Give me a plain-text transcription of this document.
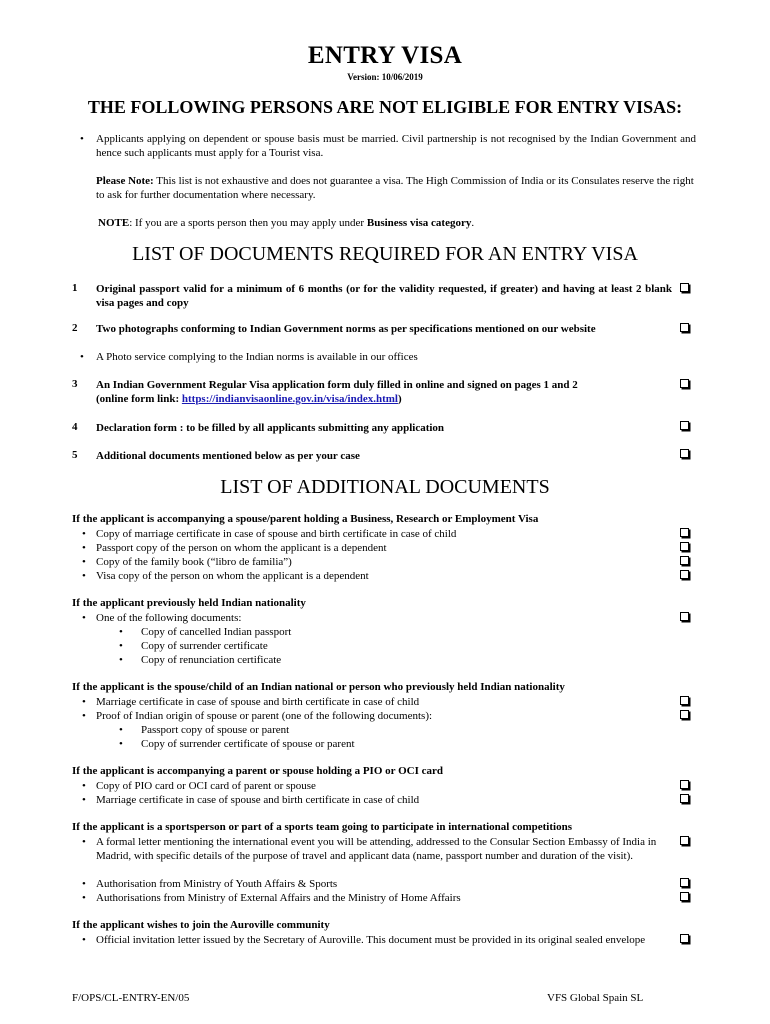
ENTRY VISA
Version: 10/06/2019
THE FOLLOWING PERSONS ARE NOT ELIGIBLE FOR ENTRY VISAS:
• Applicants applying on dependent or spouse basis must be married. Civil partnership is not recognised by the Indian Government and hence such applicants must apply for a Tourist visa.
Please Note: This list is not exhaustive and does not guarantee a visa. The High Commission of India or its Consulates reserve the right to ask for further documentation where necessary.
NOTE: If you are a sports person then you may apply under Business visa category.
LIST OF DOCUMENTS REQUIRED FOR AN ENTRY VISA
1 Original passport valid for a minimum of 6 months (or for the validity requested, if greater) and having at least 2 blank visa pages and copy
2 Two photographs conforming to Indian Government norms as per specifications mentioned on our website
• A Photo service complying to the Indian norms is available in our offices
3 An Indian Government Regular Visa application form duly filled in online and signed on pages 1 and 2
(online form link: https://indianvisaonline.gov.in/visa/index.html)
4 Declaration form : to be filled by all applicants submitting any application
5 Additional documents mentioned below as per your case
LIST OF ADDITIONAL DOCUMENTS
If the applicant is accompanying a spouse/parent holding a Business, Research or Employment Visa
• Copy of marriage certificate in case of spouse and birth certificate in case of child
• Passport copy of the person on whom the applicant is a dependent
• Copy of the family book (“libro de familia”)
• Visa copy of the person on whom the applicant is a dependent
If the applicant previously held Indian nationality
• One of the following documents:
• Copy of cancelled Indian passport
• Copy of surrender certificate
• Copy of renunciation certificate
If the applicant is the spouse/child of an Indian national or person who previously held Indian nationality
• Marriage certificate in case of spouse and birth certificate in case of child
• Proof of Indian origin of spouse or parent (one of the following documents):
• Passport copy of spouse or parent
• Copy of surrender certificate of spouse or parent
If the applicant is accompanying a parent or spouse holding a PIO or OCI card
• Copy of PIO card or OCI card of parent or spouse
• Marriage certificate in case of spouse and birth certificate in case of child
If the applicant is a sportsperson or part of a sports team going to participate in international competitions
• A formal letter mentioning the international event you will be attending, addressed to the Consular Section Embassy of India in Madrid, with specific details of the purpose of travel and applicant data (name, passport number and duration of the visit).
• Authorisation from Ministry of Youth Affairs & Sports
• Authorisations from Ministry of External Affairs and the Ministry of Home Affairs
If the applicant wishes to join the Auroville community
• Official invitation letter issued by the Secretary of Auroville. This document must be provided in its original sealed envelope
F/OPS/CL-ENTRY-EN/05	VFS Global Spain SL
